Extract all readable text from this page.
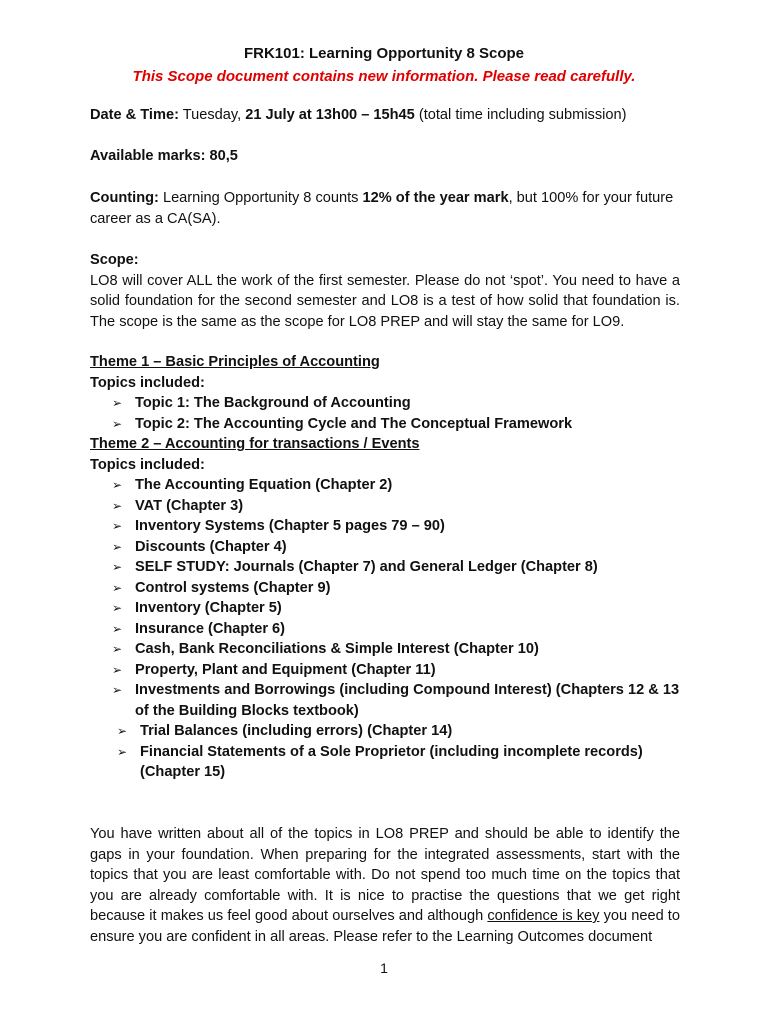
FRK101: Learning Opportunity 8 Scope
This Scope document contains new information. Please read carefully.
Date & Time: Tuesday, 21 July at 13h00 – 15h45 (total time including submission)
Available marks: 80,5
Counting: Learning Opportunity 8 counts 12% of the year mark, but 100% for your future career as a CA(SA).
Scope:
LO8 will cover ALL the work of the first semester. Please do not ‘spot’. You need to have a solid foundation for the second semester and LO8 is a test of how solid that foundation is. The scope is the same as the scope for LO8 PREP and will stay the same for LO9.
Theme 1 – Basic Principles of Accounting
Topics included:
➢ Topic 1: The Background of Accounting
➢ Topic 2: The Accounting Cycle and The Conceptual Framework
Theme 2 – Accounting for transactions / Events
Topics included:
➢ The Accounting Equation (Chapter 2)
➢ VAT (Chapter 3)
➢ Inventory Systems (Chapter 5 pages 79 – 90)
➢ Discounts (Chapter 4)
➢ SELF STUDY: Journals (Chapter 7) and General Ledger (Chapter 8)
➢ Control systems (Chapter 9)
➢ Inventory (Chapter 5)
➢ Insurance (Chapter 6)
➢ Cash, Bank Reconciliations & Simple Interest (Chapter 10)
➢ Property, Plant and Equipment (Chapter 11)
➢ Investments and Borrowings (including Compound Interest) (Chapters 12 & 13 of the Building Blocks textbook)
➢ Trial Balances (including errors) (Chapter 14)
➢ Financial Statements of a Sole Proprietor (including incomplete records) (Chapter 15)
You have written about all of the topics in LO8 PREP and should be able to identify the gaps in your foundation. When preparing for the integrated assessments, start with the topics that you are least comfortable with. Do not spend too much time on the topics that you are already comfortable with. It is nice to practise the questions that we get right because it makes us feel good about ourselves and although confidence is key you need to ensure you are confident in all areas. Please refer to the Learning Outcomes document
1
